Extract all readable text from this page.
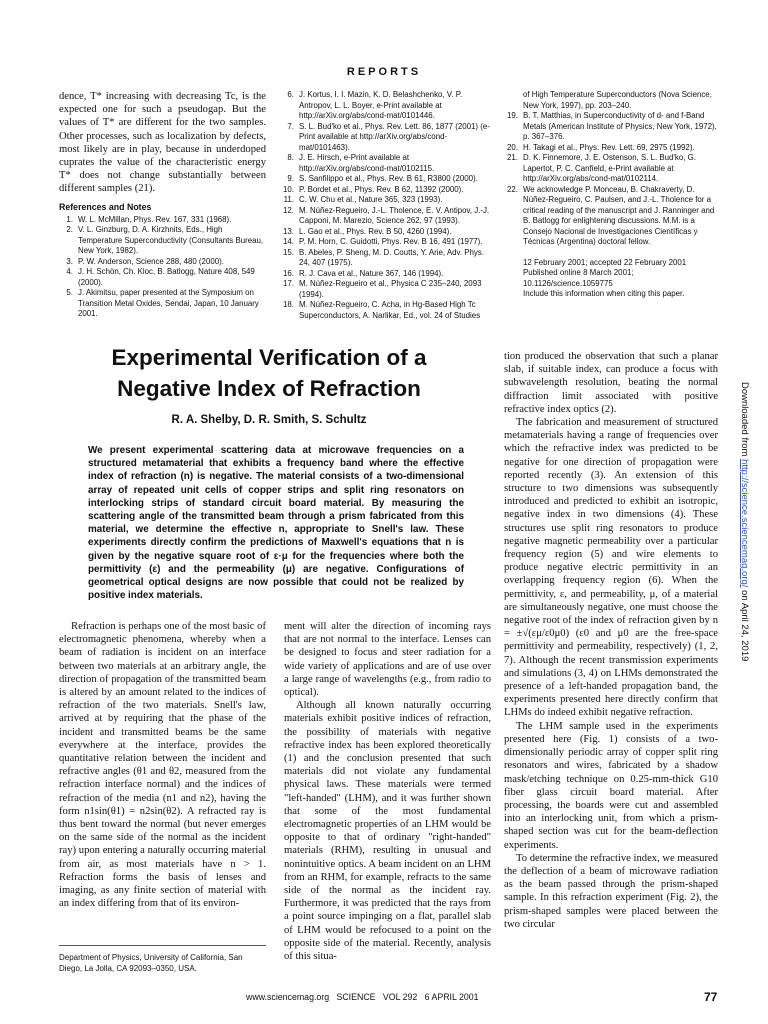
REPORTS

dence, T* increasing with decreasing Tc, is the expected one for such a pseudogap. But the values of T* are different for the two samples. Other processes, such as localization by defects, most likely are in play, because in underdoped cuprates the value of the characteristic energy T* does not change substantially between different samples (21).

References and Notes
1. W. L. McMillan, Phys. Rev. 167, 331 (1968).
2. V. L. Ginzburg, D. A. Kirzhnits, Eds., High Temperature Superconductivity (Consultants Bureau, New York, 1982).
3. P. W. Anderson, Science 288, 480 (2000).
4. J. H. Schön, Ch. Kloc, B. Batlogg, Nature 408, 549 (2000).
5. J. Akimitsu, paper presented at the Symposium on Transition Metal Oxides, Sendai, Japan, 10 January 2001.
6. J. Kortus, I. I. Mazin, K. D. Belashchenko, V. P. Antropov, L. L. Boyer, e-Print available at http://arXiv.org/abs/cond-mat/0101446.
7. S. L. Bud'ko et al., Phys. Rev. Lett. 86, 1877 (2001) (e-Print available at http://arXiv.org/abs/cond-mat/0101463).
8. J. E. Hirsch, e-Print available at http://arXiv.org/abs/cond-mat/0102115.
9. S. Sanfilippo et al., Phys. Rev. B 61, R3800 (2000).
10. P. Bordet et al., Phys. Rev. B 62, 11392 (2000).
11. C. W. Chu et al., Nature 365, 323 (1993).
12. M. Núñez-Regueiro, J.-L. Tholence, E. V. Antipov, J.-J. Capponi, M. Marezio, Science 262, 97 (1993).
13. L. Gao et al., Phys. Rev. B 50, 4260 (1994).
14. P. M. Horn, C. Guidotti, Phys. Rev. B 16, 491 (1977).
15. B. Abeles, P. Sheng, M. D. Coutts, Y. Arie, Adv. Phys. 24, 407 (1975).
16. R. J. Cava et al., Nature 367, 146 (1994).
17. M. Núñez-Regueiro et al., Physica C 235–240, 2093 (1994).
18. M. Núñez-Regueiro, C. Acha, in Hg-Based High Tc Superconductors, A. Narlikar, Ed., vol. 24 of Studies
of High Temperature Superconductors (Nova Science, New York, 1997), pp. 203–240.
19. B. T. Matthias, in Superconductivity of d- and f-Band Metals (American Institute of Physics, New York, 1972), p. 367–376.
20. H. Takagi et al., Phys. Rev. Lett. 69, 2975 (1992).
21. D. K. Finnemore, J. E. Ostenson, S. L. Bud'ko, G. Lapertot, P. C. Canfield, e-Print available at http://arXiv.org/abs/cond-mat/0102114.
22. We acknowledge P. Monceau, B. Chakraverty, D. Núñez-Regueiro, C. Paulsen, and J.-L. Tholence for a critical reading of the manuscript and J. Ranninger and B. Batlogg for enlightening discussions. M.M. is a Consejo Nacional de Investigaciones Científicas y Técnicas (Argentina) doctoral fellow.
12 February 2001; accepted 22 February 2001
Published online 8 March 2001;
10.1126/science.1059775
Include this information when citing this paper.
Experimental Verification of a
Negative Index of Refraction
R. A. Shelby, D. R. Smith, S. Schultz
We present experimental scattering data at microwave frequencies on a structured metamaterial that exhibits a frequency band where the effective index of refraction (n) is negative. The material consists of a two-dimensional array of repeated unit cells of copper strips and split ring resonators on interlocking strips of standard circuit board material. By measuring the scattering angle of the transmitted beam through a prism fabricated from this material, we determine the effective n, appropriate to Snell's law. These experiments directly confirm the predictions of Maxwell's equations that n is given by the negative square root of ε·μ for the frequencies where both the permittivity (ε) and the permeability (μ) are negative. Configurations of geometrical optical designs are now possible that could not be realized by positive index materials.

Refraction is perhaps one of the most basic of electromagnetic phenomena, whereby when a beam of radiation is incident on an interface between two materials at an arbitrary angle, the direction of propagation of the transmitted beam is altered by an amount related to the indices of refraction of the two materials. Snell's law, arrived at by requiring that the phase of the incident and transmitted beams be the same everywhere at the interface, provides the quantitative relation between the incident and refractive angles (θ1 and θ2, measured from the refraction interface normal) and the indices of refraction of the media (n1 and n2), having the form n1sin(θ1) = n2sin(θ2). A refracted ray is thus bent toward the normal (but never emerges on the same side of the normal as the incident ray) upon entering a naturally occurring material from air, as most materials have n > 1. Refraction forms the basis of lenses and imaging, as any finite section of material with an index differing from that of its environ-

Department of Physics, University of California, San Diego, La Jolla, CA 92093–0350, USA.

ment will alter the direction of incoming rays that are not normal to the interface. Lenses can be designed to focus and steer radiation for a wide variety of applications and are of use over a large range of wavelengths (e.g., from radio to optical).

Although all known naturally occurring materials exhibit positive indices of refraction, the possibility of materials with negative refractive index has been explored theoretically (1) and the conclusion presented that such materials did not violate any fundamental physical laws. These materials were termed "left-handed" (LHM), and it was further shown that some of the most fundamental electromagnetic properties of an LHM would be opposite to that of ordinary "right-handed" materials (RHM), resulting in unusual and nonintuitive optics. A beam incident on an LHM from an RHM, for example, refracts to the same side of the normal as the incident ray. Furthermore, it was predicted that the rays from a point source impinging on a flat, parallel slab of LHM would be refocused to a point on the opposite side of the material. Recently, analysis of this situa-

tion produced the observation that such a planar slab, if suitable index, can produce a focus with subwavelength resolution, beating the normal diffraction limit associated with positive refractive index optics (2).

The fabrication and measurement of structured metamaterials having a range of frequencies over which the refractive index was predicted to be negative for one direction of propagation were reported recently (3). An extension of this structure to two dimensions was subsequently introduced and predicted to exhibit an isotropic, negative index in two dimensions (4). These structures use split ring resonators to produce negative magnetic permeability over a particular frequency region (5) and wire elements to produce negative electric permittivity in an overlapping frequency region (6). When the permittivity, ε, and permeability, μ, of a material are simultaneously negative, one must choose the negative root of the index of refraction given by n = ±√(εμ/ε0μ0) (ε0 and μ0 are the free-space permittivity and permeability, respectively) (1, 2, 7). Although the recent transmission experiments and simulations (3, 4) on LHMs demonstrated the presence of a left-handed propagation band, the experiments presented here directly confirm that LHMs do indeed exhibit negative refraction.

The LHM sample used in the experiments presented here (Fig. 1) consists of a two-dimensionally periodic array of copper split ring resonators and wires, fabricated by a shadow mask/etching technique on 0.25-mm-thick G10 fiber glass circuit board material. After processing, the boards were cut and assembled into an interlocking unit, from which a prism-shaped section was cut for the beam-deflection experiments.

To determine the refractive index, we measured the deflection of a beam of microwave radiation as the beam passed through the prism-shaped sample. In this refraction experiment (Fig. 2), the prism-shaped samples were placed between the two circular

Downloaded from http://science.sciencemag.org/ on April 24, 2019
www.sciencemag.org   SCIENCE   VOL 292   6 APRIL 2001	77
